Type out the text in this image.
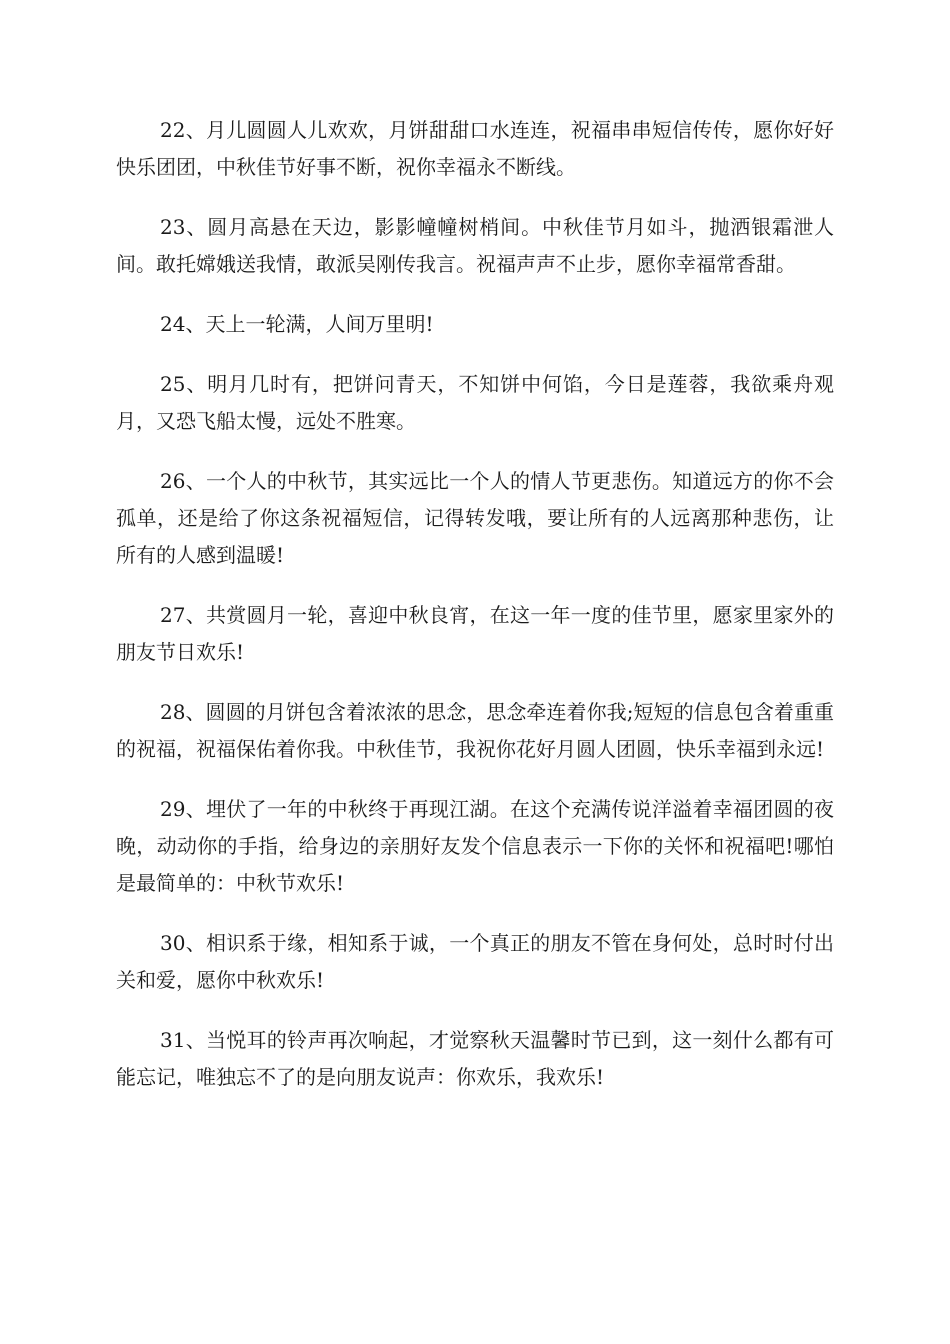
22、月儿圆圆人儿欢欢，月饼甜甜口水连连，祝福串串短信传传，愿你好好快乐团团，中秋佳节好事不断，祝你幸福永不断线。

23、圆月高悬在天边，影影幢幢树梢间。中秋佳节月如斗，抛洒银霜泄人间。敢托嫦娥送我情，敢派吴刚传我言。祝福声声不止步，愿你幸福常香甜。

24、天上一轮满，人间万里明!

25、明月几时有，把饼问青天，不知饼中何馅，今日是莲蓉，我欲乘舟观月，又恐飞船太慢，远处不胜寒。

26、一个人的中秋节，其实远比一个人的情人节更悲伤。知道远方的你不会孤单，还是给了你这条祝福短信，记得转发哦，要让所有的人远离那种悲伤，让所有的人感到温暖!

27、共赏圆月一轮，喜迎中秋良宵，在这一年一度的佳节里，愿家里家外的朋友节日欢乐!

28、圆圆的月饼包含着浓浓的思念，思念牵连着你我;短短的信息包含着重重的祝福，祝福保佑着你我。中秋佳节，我祝你花好月圆人团圆，快乐幸福到永远!

29、埋伏了一年的中秋终于再现江湖。在这个充满传说洋溢着幸福团圆的夜晚，动动你的手指，给身边的亲朋好友发个信息表示一下你的关怀和祝福吧!哪怕是最简单的：中秋节欢乐!

30、相识系于缘，相知系于诚，一个真正的朋友不管在身何处，总时时付出关和爱，愿你中秋欢乐!

31、当悦耳的铃声再次响起，才觉察秋天温馨时节已到，这一刻什么都有可能忘记，唯独忘不了的是向朋友说声：你欢乐，我欢乐!
